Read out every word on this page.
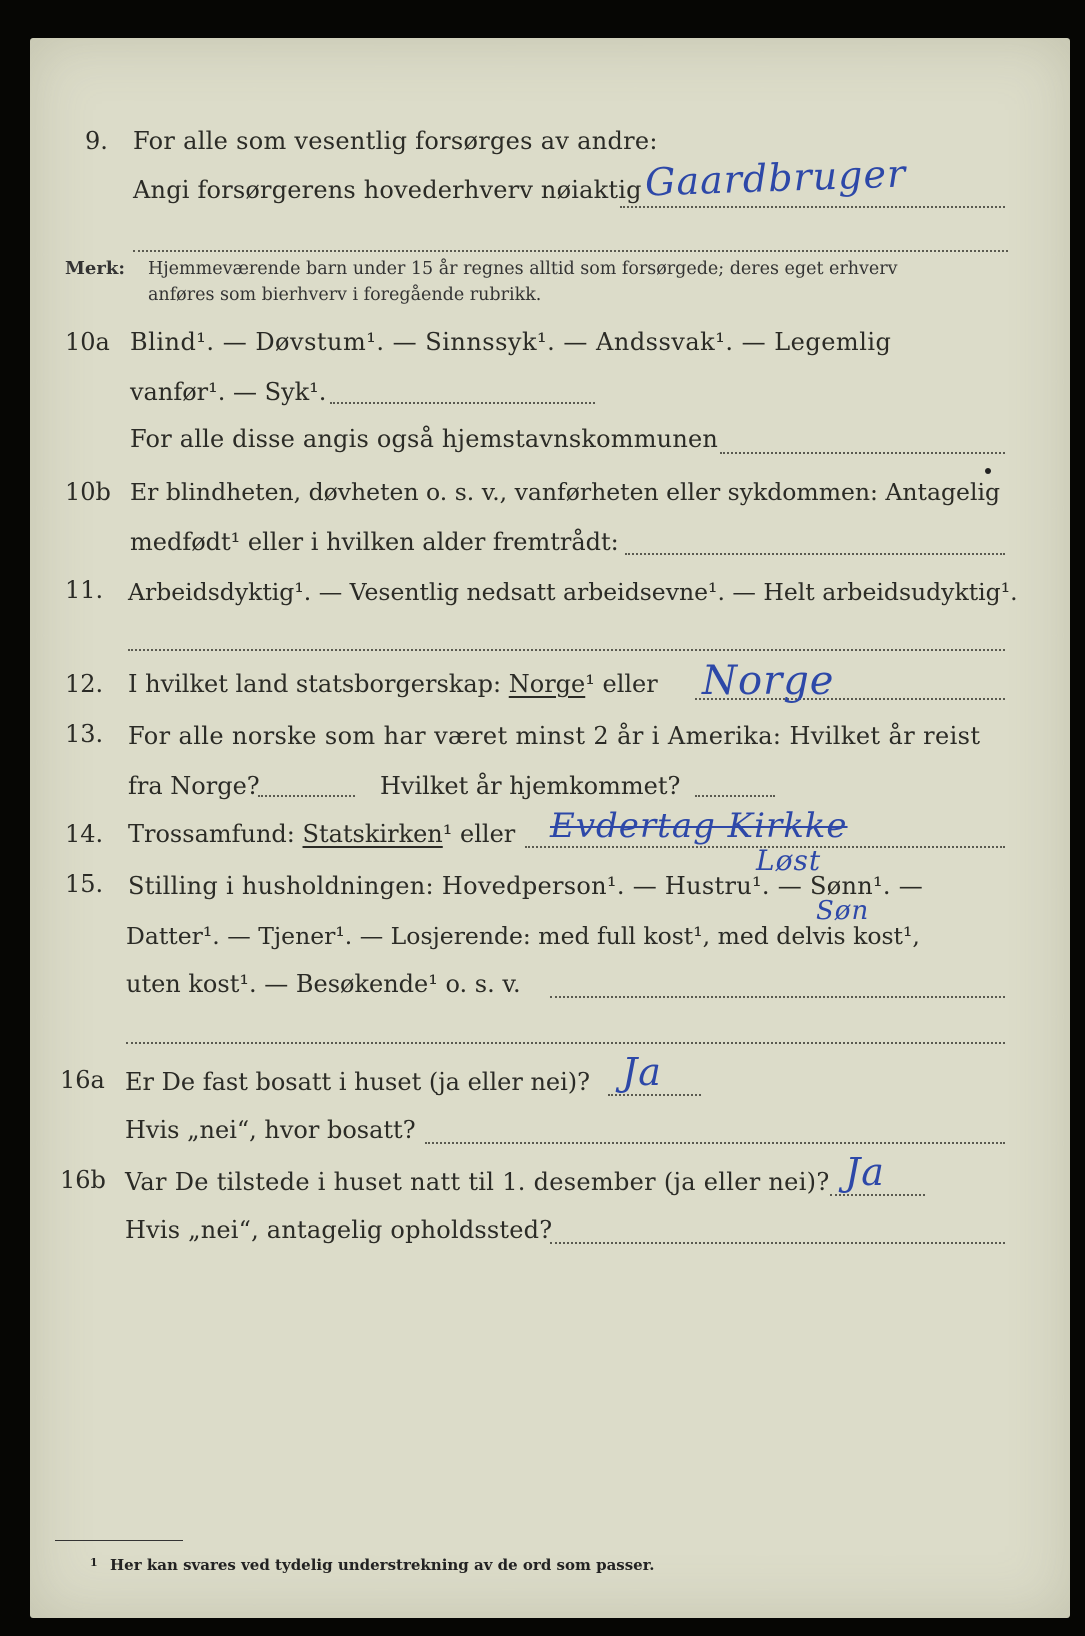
9. For alle som vesentlig forsørges av andre:
Angi forsørgerens hovederhverv nøiaktig Gaardbruger
Merk: Hjemmeværende barn under 15 år regnes alltid som forsørgede; deres eget erhverv
anføres som bierhverv i foregående rubrikk.
10a Blind¹. — Døvstum¹. — Sinnssyk¹. — Andssvak¹. — Legemlig
vanfør¹. — Syk¹.
For alle disse angis også hjemstavnskommunen
10b Er blindheten, døvheten o. s. v., vanførheten eller sykdommen: Antagelig
medfødt¹ eller i hvilken alder fremtrådt:
11. Arbeidsdyktig¹. — Vesentlig nedsatt arbeidsevne¹. — Helt arbeidsudyktig¹.
12. I hvilket land statsborgerskap: Norge¹ eller Norge
13. For alle norske som har været minst 2 år i Amerika: Hvilket år reist
fra Norge?	Hvilket år hjemkommet?
14. Trossamfund: Statskirken¹ eller Evdertag Kirkke
15. Stilling i husholdningen: Hovedperson¹. — Hustru¹. — Sønn¹. —
Løst
Søn
Datter¹. — Tjener¹. — Losjerende: med full kost¹, med delvis kost¹,
uten kost¹. — Besøkende¹ o. s. v.
16a Er De fast bosatt i huset (ja eller nei)? Ja
Hvis „nei“, hvor bosatt?
16b Var De tilstede i huset natt til 1. desember (ja eller nei)? Ja
Hvis „nei“, antagelig opholdssted?
1 Her kan svares ved tydelig understrekning av de ord som passer.
